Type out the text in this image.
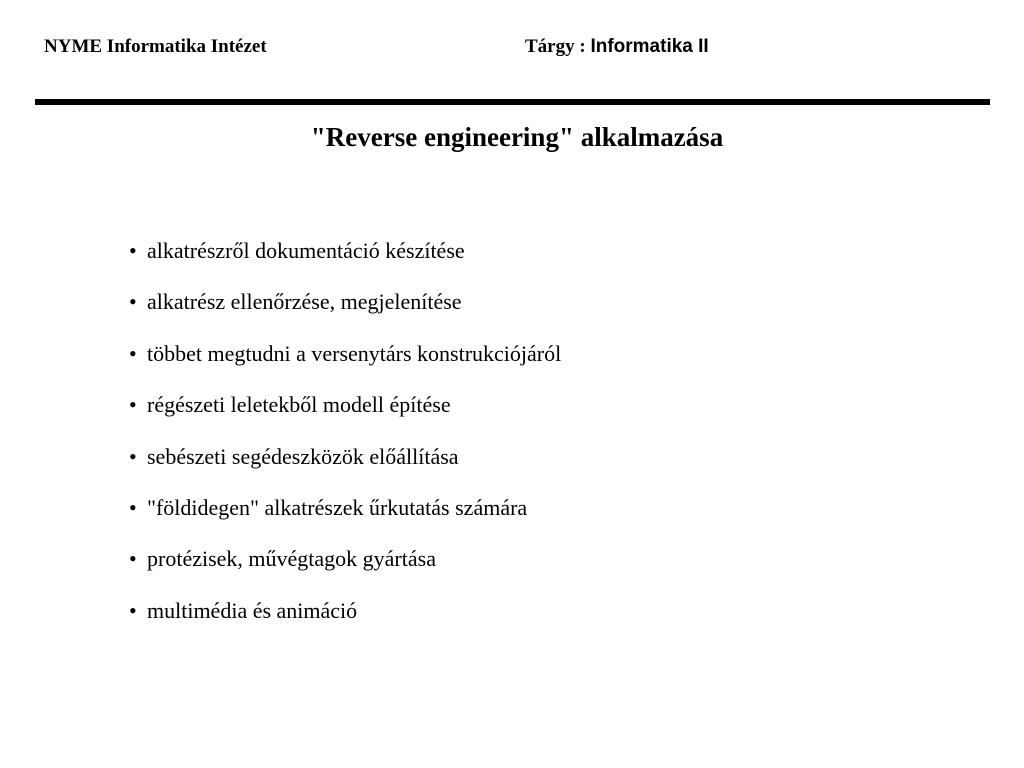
NYME Informatika Intézet	Tárgy : Informatika II
"Reverse engineering" alkalmazása
• alkatrészről dokumentáció készítése
• alkatrész ellenőrzése, megjelenítése
• többet megtudni a versenytárs konstrukciójáról
• régészeti leletekből modell építése
• sebészeti segédeszközök előállítása
• "földidegen" alkatrészek űrkutatás számára
• protézisek, művégtagok gyártása
• multimédia és animáció
